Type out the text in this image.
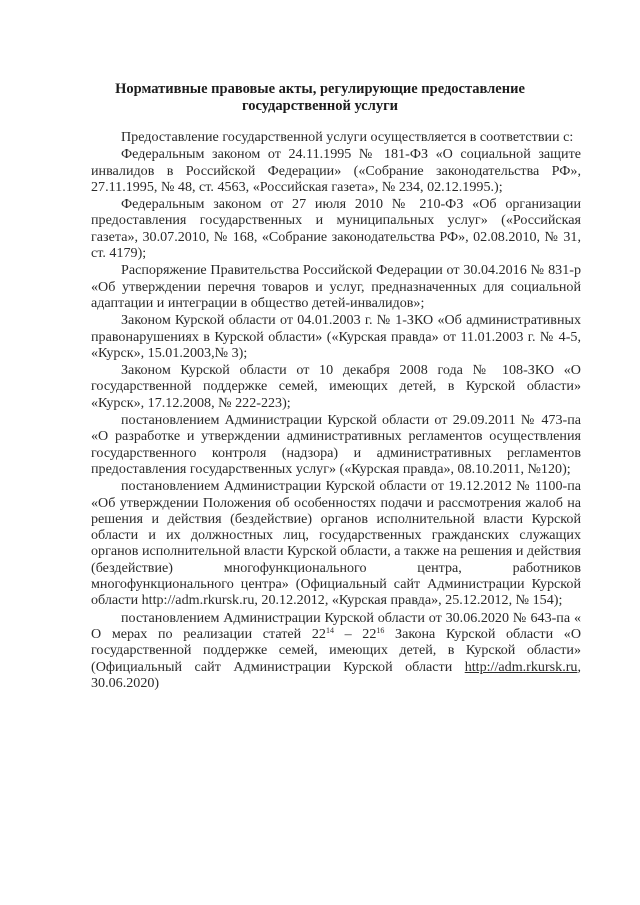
Нормативные правовые акты, регулирующие предоставление
государственной услуги

Предоставление государственной услуги осуществляется в соответствии с:

Федеральным законом от 24.11.1995 № 181-ФЗ «О социальной защите инвалидов в Российской Федерации» («Собрание законодательства РФ», 27.11.1995, № 48, ст. 4563, «Российская газета», № 234, 02.12.1995.);

Федеральным законом от 27 июля 2010 № 210-ФЗ «Об организации предоставления государственных и муниципальных услуг» («Российская газета», 30.07.2010, № 168, «Собрание законодательства РФ», 02.08.2010, № 31, ст. 4179);

Распоряжение Правительства Российской Федерации от 30.04.2016 № 831-р «Об утверждении перечня товаров и услуг, предназначенных для социальной адаптации и интеграции в общество детей-инвалидов»;

Законом Курской области от 04.01.2003 г. № 1-ЗКО «Об административных правонарушениях в Курской области» («Курская правда» от 11.01.2003 г. № 4-5, «Курск», 15.01.2003,№ 3);

Законом Курской области от 10 декабря 2008 года № 108-ЗКО «О государственной поддержке семей, имеющих детей, в Курской области» «Курск», 17.12.2008, № 222-223);

постановлением Администрации Курской области от 29.09.2011 № 473-па «О разработке и утверждении административных регламентов осуществления государственного контроля (надзора) и административных регламентов предоставления государственных услуг» («Курская правда», 08.10.2011, №120);

постановлением Администрации Курской области от 19.12.2012 № 1100-па «Об утверждении Положения об особенностях подачи и рассмотрения жалоб на решения и действия (бездействие) органов исполнительной власти Курской области и их должностных лиц, государственных гражданских служащих органов исполнительной власти Курской области, а также на решения и действия (бездействие) многофункционального центра, работников многофункционального центра» (Официальный сайт Администрации Курской области http://adm.rkursk.ru, 20.12.2012, «Курская правда», 25.12.2012, № 154);

постановлением Администрации Курской области от 30.06.2020 № 643-па « О мерах по реализации статей $22^{14} - 22^{16}$ Закона Курской области «О государственной поддержке семей, имеющих детей, в Курской области» (Официальный сайт Администрации Курской области http://adm.rkursk.ru, 30.06.2020)
